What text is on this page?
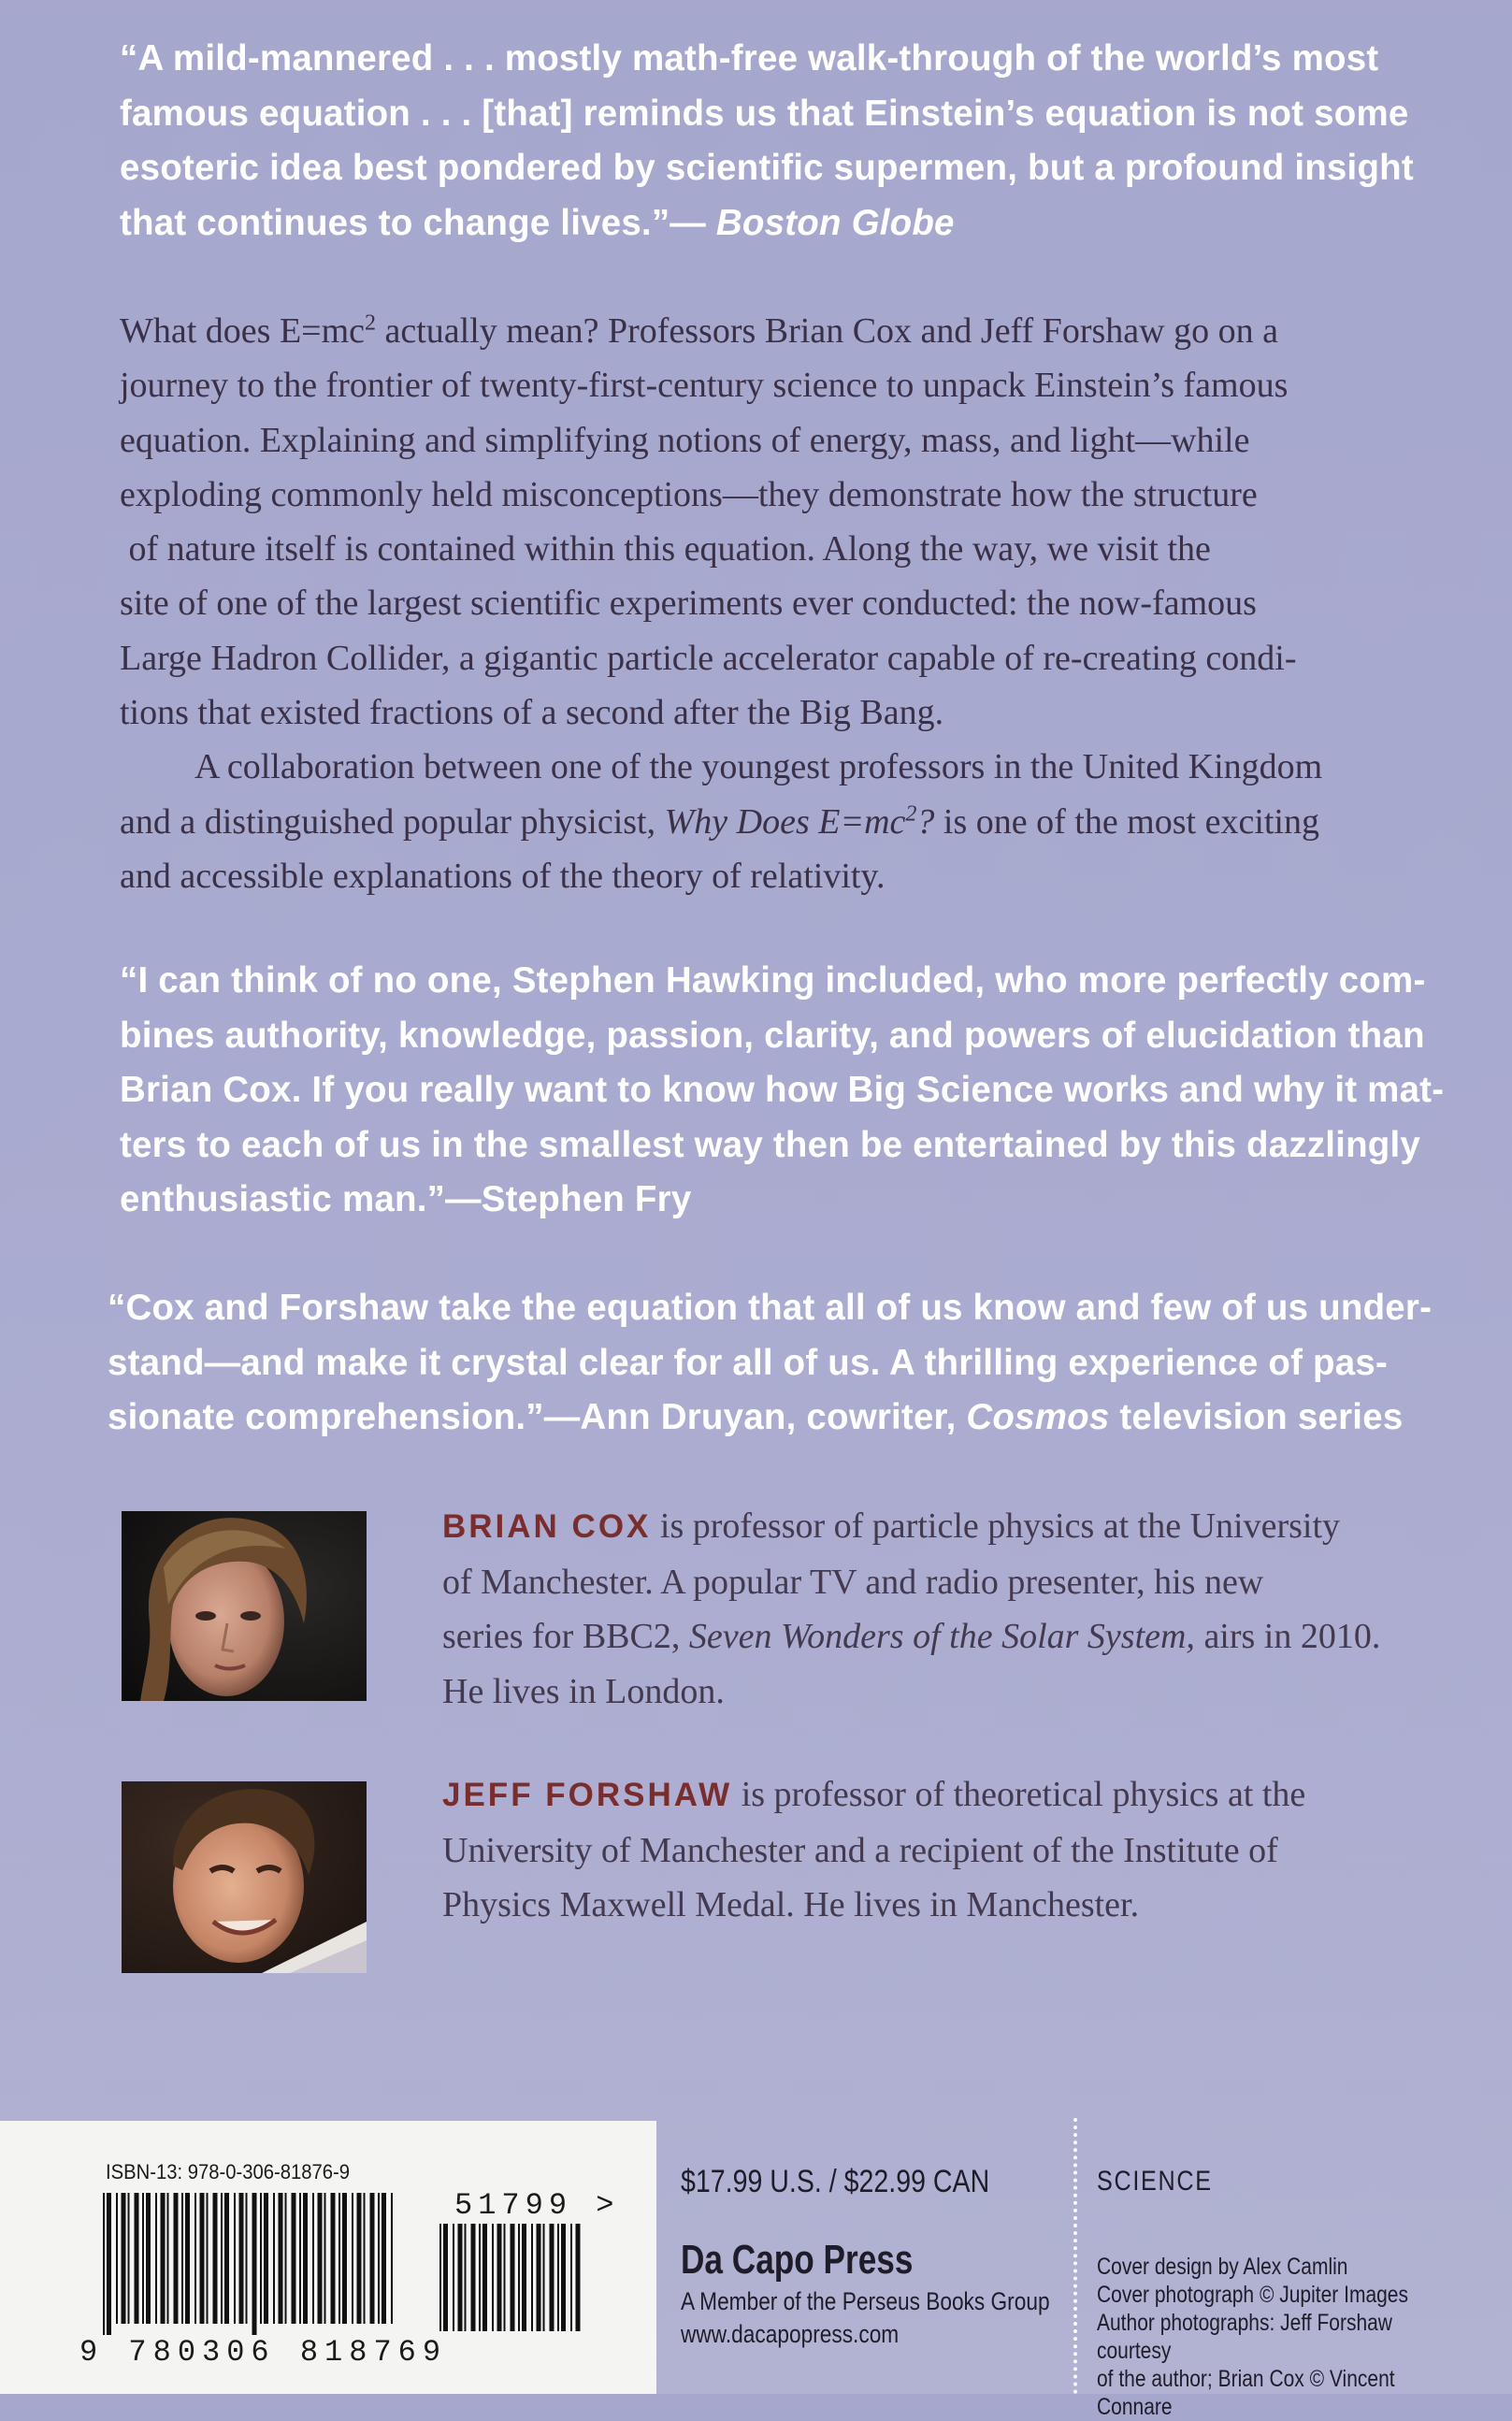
“A mild-mannered . . . mostly math-free walk-through of the world’s most
famous equation . . . [that] reminds us that Einstein’s equation is not some
esoteric idea best pondered by scientific supermen, but a profound insight
that continues to change lives.”— Boston Globe
What does $E=mc^2$ actually mean? Professors Brian Cox and Jeff Forshaw go on a
journey to the frontier of twenty-first-century science to unpack Einstein’s famous
equation. Explaining and simplifying notions of energy, mass, and light—while
exploding commonly held misconceptions—they demonstrate how the structure
of nature itself is contained within this equation. Along the way, we visit the
site of one of the largest scientific experiments ever conducted: the now-famous
Large Hadron Collider, a gigantic particle accelerator capable of re-creating condi-
tions that existed fractions of a second after the Big Bang.
A collaboration between one of the youngest professors in the United Kingdom
and a distinguished popular physicist, Why Does $E=mc^2$? is one of the most exciting
and accessible explanations of the theory of relativity.
“I can think of no one, Stephen Hawking included, who more perfectly com-
bines authority, knowledge, passion, clarity, and powers of elucidation than
Brian Cox. If you really want to know how Big Science works and why it mat-
ters to each of us in the smallest way then be entertained by this dazzlingly
enthusiastic man.”—Stephen Fry
“Cox and Forshaw take the equation that all of us know and few of us under-
stand—and make it crystal clear for all of us. A thrilling experience of pas-
sionate comprehension.”—Ann Druyan, cowriter, Cosmos television series
BRIAN COX is professor of particle physics at the University
of Manchester. A popular TV and radio presenter, his new
series for BBC2, Seven Wonders of the Solar System, airs in 2010.
He lives in London.
JEFF FORSHAW is professor of theoretical physics at the
University of Manchester and a recipient of the Institute of
Physics Maxwell Medal. He lives in Manchester.
ISBN-13: 978-0-306-81876-9
51799 >
9 780306 818769
$17.99 U.S. / $22.99 CAN
Da Capo Press
A Member of the Perseus Books Group
www.dacapopress.com
SCIENCE
Cover design by Alex Camlin
Cover photograph © Jupiter Images
Author photographs: Jeff Forshaw courtesy
of the author; Brian Cox © Vincent Connare
